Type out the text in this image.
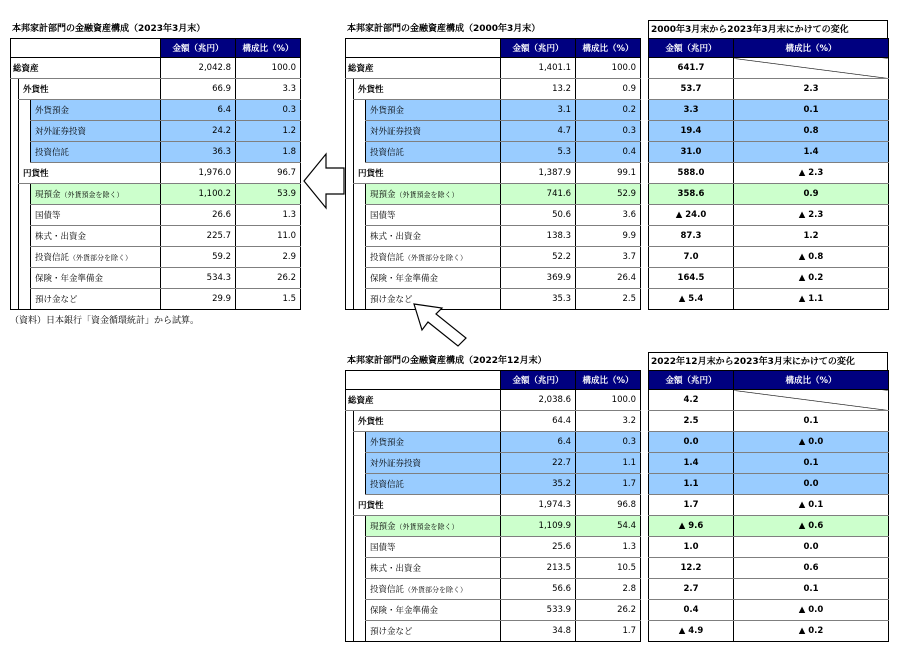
本邦家計部門の金融資産構成（2023年3月末）
			金額（兆円）	構成比（%）
総資産			2,042.8	100.0
	外貨性		66.9	3.3
		外貨預金	6.4	0.3
		対外証券投資	24.2	1.2
		投資信託	36.3	1.8
	円貨性		1,976.0	96.7
		現預金（外貨預金を除く）	1,100.2	53.9
		国債等	26.6	1.3
		株式・出資金	225.7	11.0
		投資信託（外貨部分を除く）	59.2	2.9
		保険・年金準備金	534.3	26.2
		預け金など	29.9	1.5
（資料）日本銀行「資金循環統計」から試算。
本邦家計部門の金融資産構成（2000年3月末）
			金額（兆円）	構成比（%）
総資産			1,401.1	100.0
	外貨性		13.2	0.9
		外貨預金	3.1	0.2
		対外証券投資	4.7	0.3
		投資信託	5.3	0.4
	円貨性		1,387.9	99.1
		現預金（外貨預金を除く）	741.6	52.9
		国債等	50.6	3.6
		株式・出資金	138.3	9.9
		投資信託（外貨部分を除く）	52.2	3.7
		保険・年金準備金	369.9	26.4
		預け金など	35.3	2.5
2000年3月末から2023年3月末にかけての変化
金額（兆円）	構成比（%）
641.7	
53.7	2.3
3.3	0.1
19.4	0.8
31.0	1.4
588.0	▲ 2.3
358.6	0.9
▲ 24.0	▲ 2.3
87.3	1.2
7.0	▲ 0.8
164.5	▲ 0.2
▲ 5.4	▲ 1.1
本邦家計部門の金融資産構成（2022年12月末）
			金額（兆円）	構成比（%）
総資産			2,038.6	100.0
	外貨性		64.4	3.2
		外貨預金	6.4	0.3
		対外証券投資	22.7	1.1
		投資信託	35.2	1.7
	円貨性		1,974.3	96.8
		現預金（外貨預金を除く）	1,109.9	54.4
		国債等	25.6	1.3
		株式・出資金	213.5	10.5
		投資信託（外貨部分を除く）	56.6	2.8
		保険・年金準備金	533.9	26.2
		預け金など	34.8	1.7
2022年12月末から2023年3月末にかけての変化
金額（兆円）	構成比（%）
4.2	
2.5	0.1
0.0	▲ 0.0
1.4	0.1
1.1	0.0
1.7	▲ 0.1
▲ 9.6	▲ 0.6
1.0	0.0
12.2	0.6
2.7	0.1
0.4	▲ 0.0
▲ 4.9	▲ 0.2
